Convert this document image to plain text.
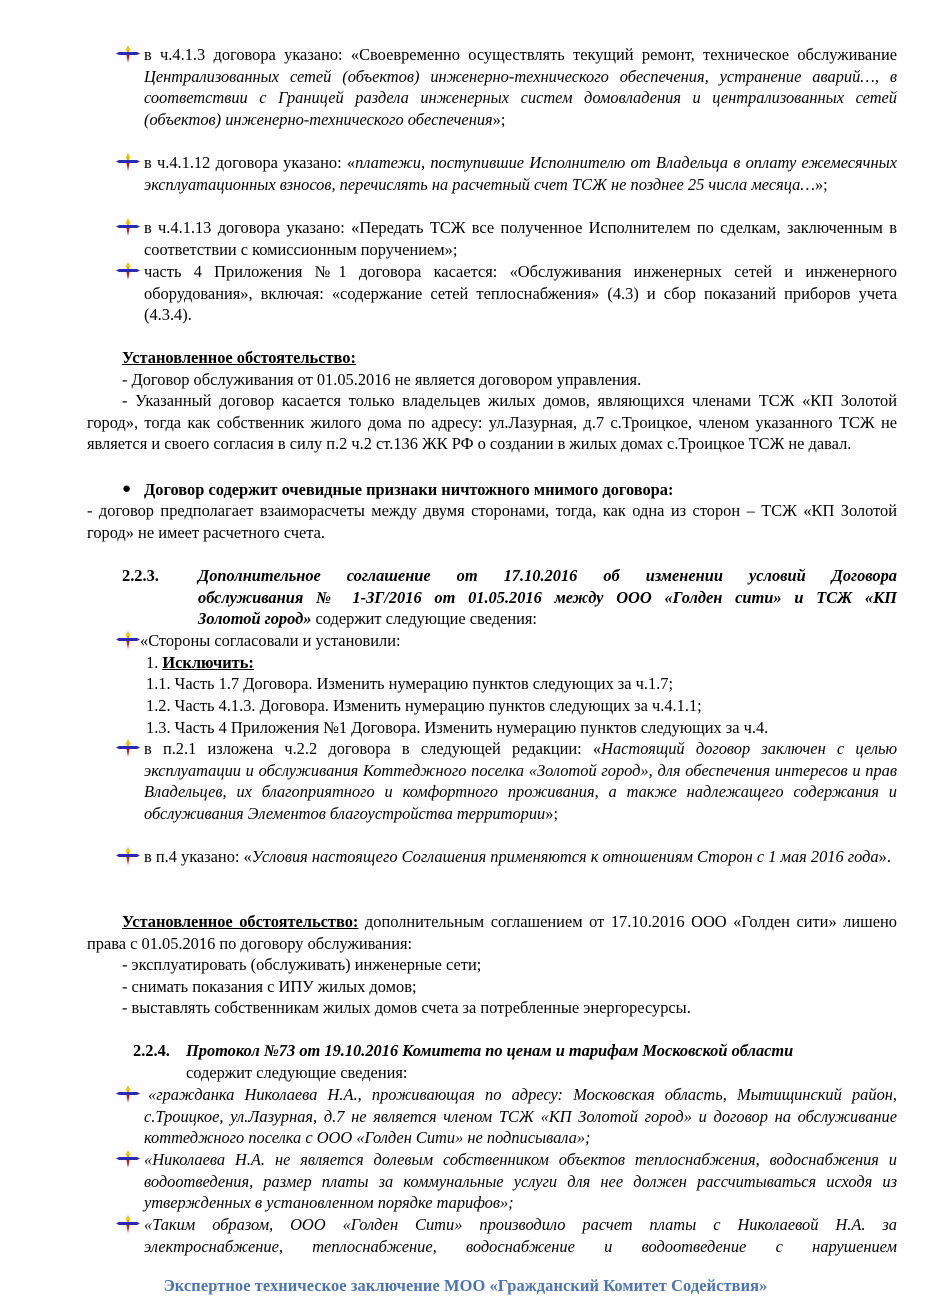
в ч.4.1.3 договора указано: «Своевременно осуществлять текущий ремонт, техническое обслуживание Централизованных сетей (объектов) инженерно-технического обеспечения, устранение аварий…, в соответствии с Границей раздела инженерных систем домовладения и централизованных сетей (объектов) инженерно-технического обеспечения»;

в ч.4.1.12 договора указано: «платежи, поступившие Исполнителю от Владельца в оплату ежемесячных эксплуатационных взносов, перечислять на расчетный счет ТСЖ не позднее 25 числа месяца…»;

в ч.4.1.13 договора указано: «Передать ТСЖ все полученное Исполнителем по сделкам, заключенным в соответствии с комиссионным поручением»;

часть 4 Приложения №1 договора касается: «Обслуживания инженерных сетей и инженерного оборудования», включая: «содержание сетей теплоснабжения» (4.3) и сбор показаний приборов учета (4.3.4).

Установленное обстоятельство:

- Договор обслуживания от 01.05.2016 не является договором управления.

- Указанный договор касается только владельцев жилых домов, являющихся членами ТСЖ «КП Золотой город», тогда как собственник жилого дома по адресу: ул.Лазурная, д.7 с.Троицкое, членом указанного ТСЖ не является и своего согласия в силу п.2 ч.2 ст.136 ЖК РФ о создании в жилых домах с.Троицкое ТСЖ не давал.

● Договор содержит очевидные признаки ничтожного мнимого договора:

- договор предполагает взаиморасчеты между двумя сторонами, тогда, как одна из сторон – ТСЖ «КП Золотой город» не имеет расчетного счета.

2.2.3. Дополнительное соглашение от 17.10.2016 об изменении условий Договора

обслуживания № 1-ЗГ/2016 от 01.05.2016 между ООО «Голден сити» и ТСЖ «КП

Золотой город» содержит следующие сведения:

«Стороны согласовали и установили:

1. Исключить:

1.1. Часть 1.7 Договора. Изменить нумерацию пунктов следующих за ч.1.7;

1.2. Часть 4.1.3. Договора. Изменить нумерацию пунктов следующих за ч.4.1.1;

1.3. Часть 4 Приложения №1 Договора. Изменить нумерацию пунктов следующих за ч.4.

в п.2.1 изложена ч.2.2 договора в следующей редакции: «Настоящий договор заключен с целью эксплуатации и обслуживания Коттеджного поселка «Золотой город», для обеспечения интересов и прав Владельцев, их благоприятного и комфортного проживания, а также надлежащего содержания и обслуживания Элементов благоустройства территории»;

в п.4 указано: «Условия настоящего Соглашения применяются к отношениям Сторон с 1 мая 2016 года».

Установленное обстоятельство: дополнительным соглашением от 17.10.2016 ООО «Голден сити» лишено права с 01.05.2016 по договору обслуживания:

- эксплуатировать (обслуживать) инженерные сети;

- снимать показания с ИПУ жилых домов;

- выставлять собственникам жилых домов счета за потребленные энергоресурсы.

2.2.4. Протокол №73 от 19.10.2016 Комитета по ценам и тарифам Московской области

содержит следующие сведения:

«гражданка Николаева Н.А., проживающая по адресу: Московская область, Мытищинский район, с.Троицкое, ул.Лазурная, д.7 не является членом ТСЖ «КП Золотой город» и договор на обслуживание коттеджного поселка с ООО «Голден Сити» не подписывала»;

«Николаева Н.А. не является долевым собственником объектов теплоснабжения, водоснабжения и водоотведения, размер платы за коммунальные услуги для нее должен рассчитываться исходя из утвержденных в установленном порядке тарифов»;

«Таким образом, ООО «Голден Сити» производило расчет платы с Николаевой Н.А. за электроснабжение, теплоснабжение, водоснабжение и водоотведение с нарушением

Экспертное техническое заключение МОО «Гражданский Комитет Содействия»
